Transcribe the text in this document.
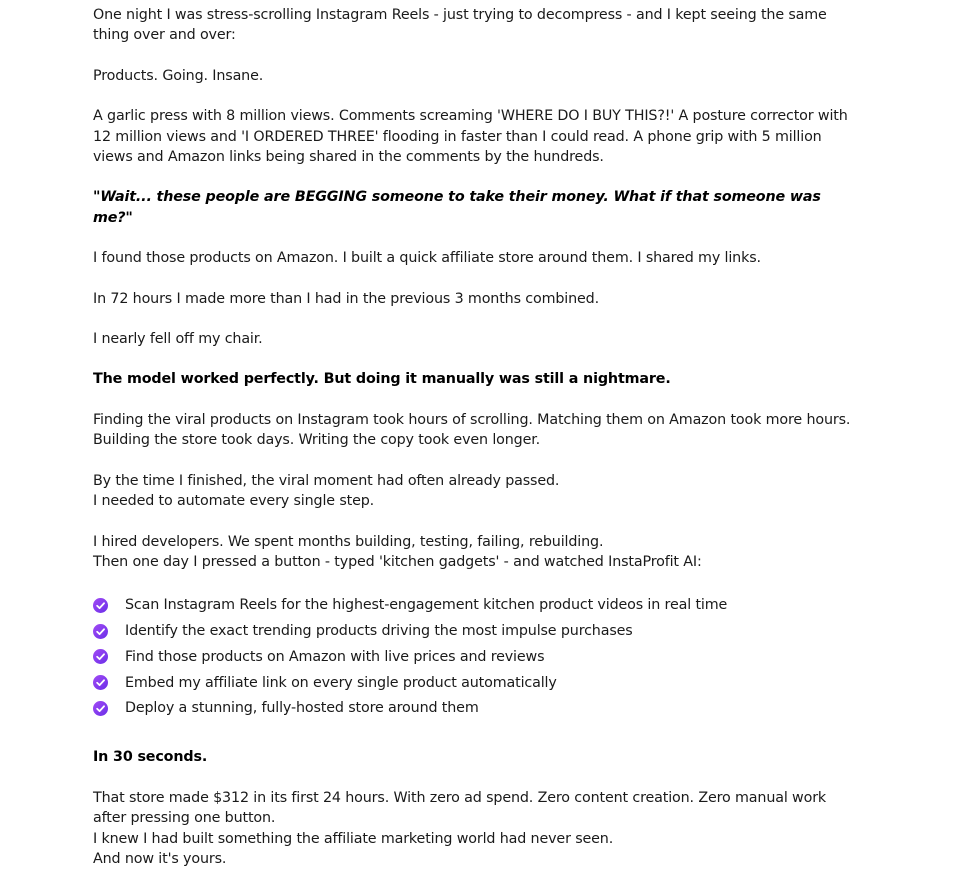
One night I was stress-scrolling Instagram Reels - just trying to decompress - and I kept seeing the same thing over and over:

Products. Going. Insane.

A garlic press with 8 million views. Comments screaming 'WHERE DO I BUY THIS?!' A posture corrector with 12 million views and 'I ORDERED THREE' flooding in faster than I could read. A phone grip with 5 million views and Amazon links being shared in the comments by the hundreds.

"Wait... these people are BEGGING someone to take their money. What if that someone was me?"

I found those products on Amazon. I built a quick affiliate store around them. I shared my links.

In 72 hours I made more than I had in the previous 3 months combined.

I nearly fell off my chair.

The model worked perfectly. But doing it manually was still a nightmare.

Finding the viral products on Instagram took hours of scrolling. Matching them on Amazon took more hours. Building the store took days. Writing the copy took even longer.

By the time I finished, the viral moment had often already passed.

I needed to automate every single step.

I hired developers. We spent months building, testing, failing, rebuilding.

Then one day I pressed a button - typed 'kitchen gadgets' - and watched InstaProfit AI:

Scan Instagram Reels for the highest-engagement kitchen product videos in real time
Identify the exact trending products driving the most impulse purchases
Find those products on Amazon with live prices and reviews
Embed my affiliate link on every single product automatically
Deploy a stunning, fully-hosted store around them

In 30 seconds.

That store made $312 in its first 24 hours. With zero ad spend. Zero content creation. Zero manual work after pressing one button.

I knew I had built something the affiliate marketing world had never seen.

And now it's yours.
